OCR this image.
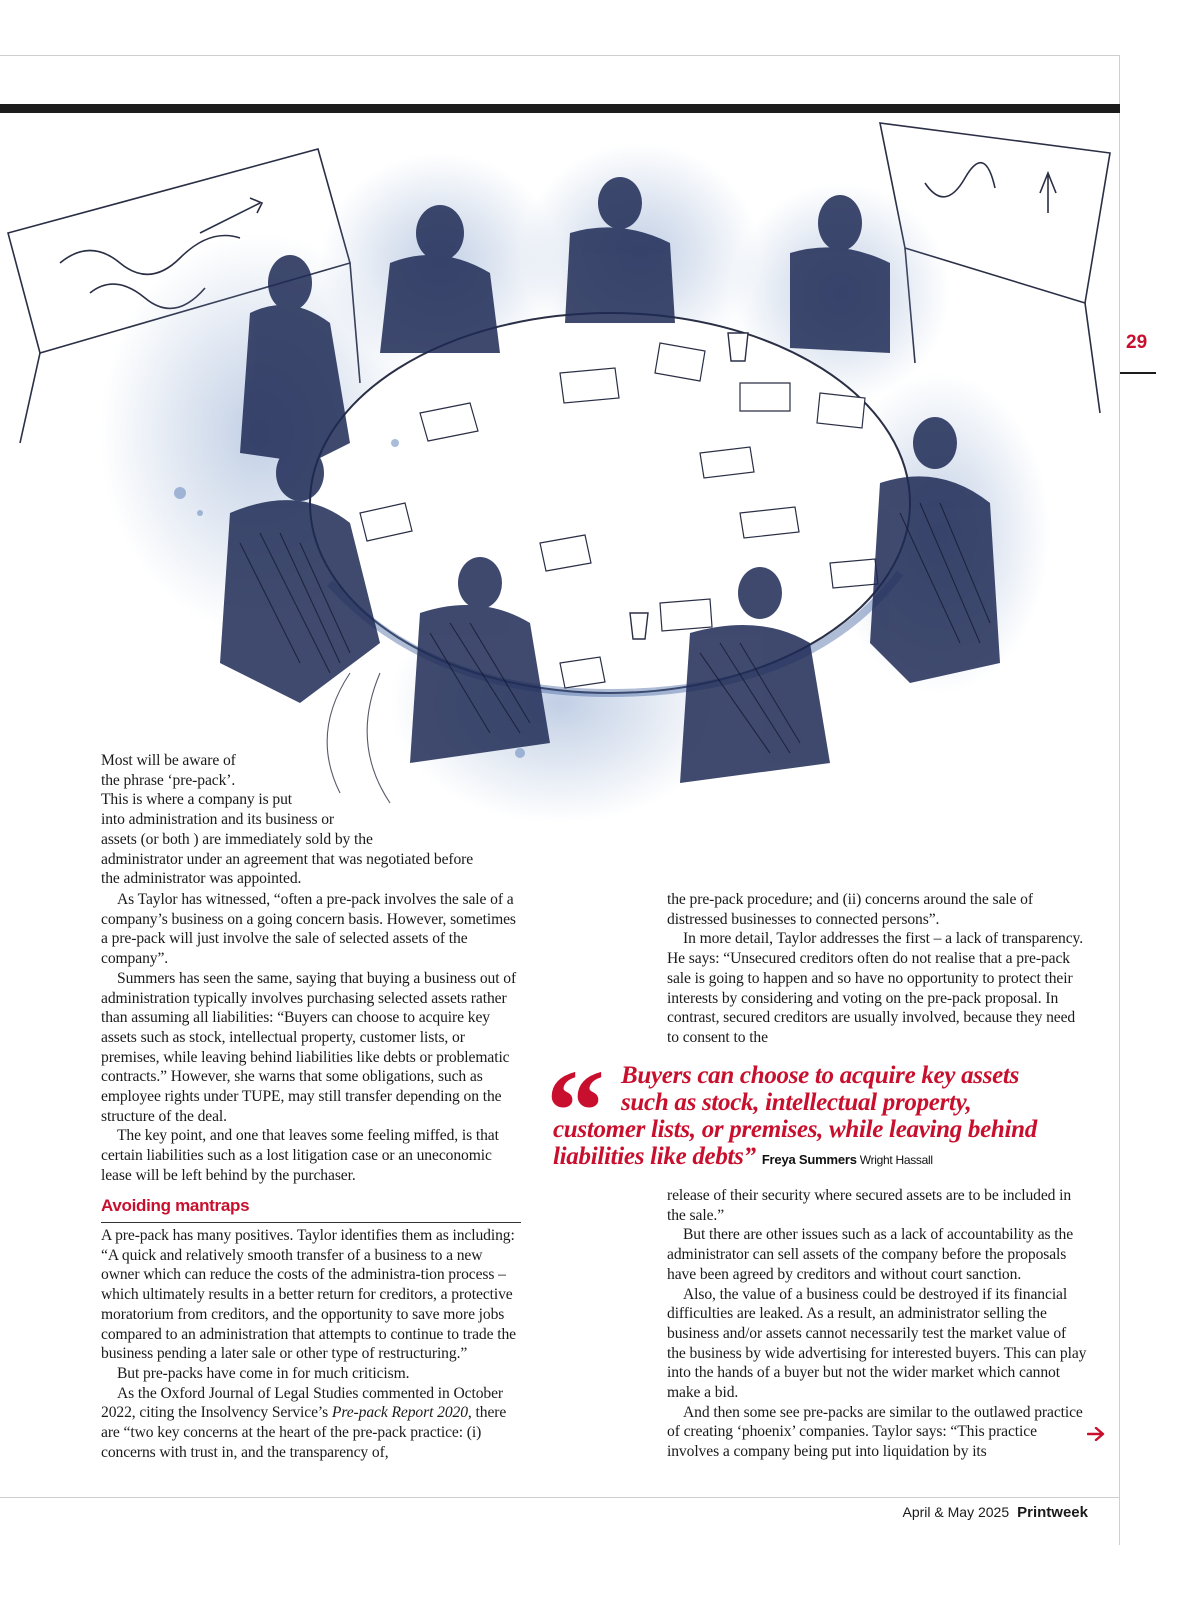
29
Most will be aware of
the phrase ‘pre-pack’.
This is where a company is put
into administration and its business or
assets (or both ) are immediately sold by the
administrator under an agreement that was negotiated before
the administrator was appointed.

As Taylor has witnessed, “often a pre-pack involves the sale of a company’s business on a going concern basis. However, sometimes a pre-pack will just involve the sale of selected assets of the company”.

Summers has seen the same, saying that buying a business out of administration typically involves purchasing selected assets rather than assuming all liabilities: “Buyers can choose to acquire key assets such as stock, intellectual property, customer lists, or premises, while leaving behind liabilities like debts or problematic contracts.” However, she warns that some obligations, such as employee rights under TUPE, may still transfer depending on the structure of the deal.

The key point, and one that leaves some feeling miffed, is that certain liabilities such as a lost litigation case or an uneconomic lease will be left behind by the purchaser.

Avoiding mantraps

A pre-pack has many positives. Taylor identifies them as including: “A quick and relatively smooth transfer of a business to a new owner which can reduce the costs of the administra-tion process – which ultimately results in a better return for creditors, a protective moratorium from creditors, and the opportunity to save more jobs compared to an administration that attempts to continue to trade the business pending a later sale or other type of restructuring.”

But pre-packs have come in for much criticism.

As the Oxford Journal of Legal Studies commented in October 2022, citing the Insolvency Service’s Pre-pack Report 2020, there are “two key concerns at the heart of the pre-pack practice: (i) concerns with trust in, and the transparency of,

the pre-pack procedure; and (ii) concerns around the sale of distressed businesses to connected persons”.

In more detail, Taylor addresses the first – a lack of transparency. He says: “Unsecured creditors often do not realise that a pre-pack sale is going to happen and so have no opportunity to protect their interests by considering and voting on the pre-pack proposal. In contrast, secured creditors are usually involved, because they need to consent to the

“ Buyers can choose to acquire key assets
such as stock, intellectual property,
customer lists, or premises, while leaving behind
liabilities like debts” Freya Summers Wright Hassall

release of their security where secured assets are to be included in the sale.”

But there are other issues such as a lack of accountability as the administrator can sell assets of the company before the proposals have been agreed by creditors and without court sanction.

Also, the value of a business could be destroyed if its financial difficulties are leaked. As a result, an administrator selling the business and/or assets cannot necessarily test the market value of the business by wide advertising for interested buyers. This can play into the hands of a buyer but not the wider market which cannot make a bid.

And then some see pre-packs are similar to the outlawed practice of creating ‘phoenix’ companies. Taylor says: “This practice involves a company being put into liquidation by its

April & May 2025 Printweek
